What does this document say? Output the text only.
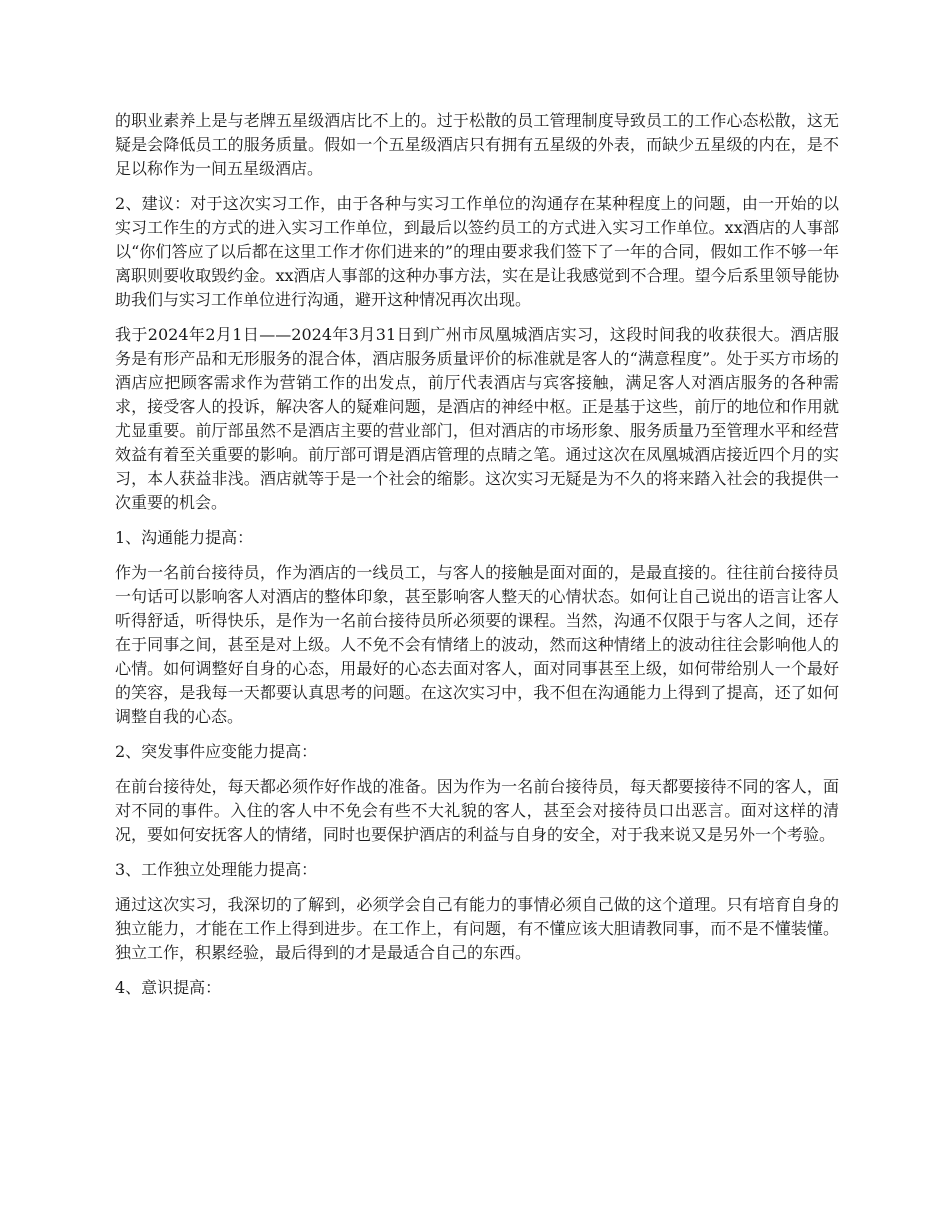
的职业素养上是与老牌五星级酒店比不上的。过于松散的员工管理制度导致员工的工作心态松散，这无疑是会降低员工的服务质量。假如一个五星级酒店只有拥有五星级的外表，而缺少五星级的内在，是不足以称作为一间五星级酒店。

2、建议：对于这次实习工作，由于各种与实习工作单位的沟通存在某种程度上的问题，由一开始的以实习工作生的方式的进入实习工作单位，到最后以签约员工的方式进入实习工作单位。xx酒店的人事部以“你们答应了以后都在这里工作才你们进来的”的理由要求我们签下了一年的合同，假如工作不够一年离职则要收取毁约金。xx酒店人事部的这种办事方法，实在是让我感觉到不合理。望今后系里领导能协助我们与实习工作单位进行沟通，避开这种情况再次出现。

我于2024年2月1日——2024年3月31日到广州市凤凰城酒店实习，这段时间我的收获很大。酒店服务是有形产品和无形服务的混合体，酒店服务质量评价的标准就是客人的“满意程度”。处于买方市场的酒店应把顾客需求作为营销工作的出发点，前厅代表酒店与宾客接触，满足客人对酒店服务的各种需求，接受客人的投诉，解决客人的疑难问题，是酒店的神经中枢。正是基于这些，前厅的地位和作用就尤显重要。前厅部虽然不是酒店主要的营业部门，但对酒店的市场形象、服务质量乃至管理水平和经营效益有着至关重要的影响。前厅部可谓是酒店管理的点睛之笔。通过这次在凤凰城酒店接近四个月的实习，本人获益非浅。酒店就等于是一个社会的缩影。这次实习无疑是为不久的将来踏入社会的我提供一次重要的机会。

1、沟通能力提高：

作为一名前台接待员，作为酒店的一线员工，与客人的接触是面对面的，是最直接的。往往前台接待员一句话可以影响客人对酒店的整体印象，甚至影响客人整天的心情状态。如何让自己说出的语言让客人听得舒适，听得快乐，是作为一名前台接待员所必须要的课程。当然，沟通不仅限于与客人之间，还存在于同事之间，甚至是对上级。人不免不会有情绪上的波动，然而这种情绪上的波动往往会影响他人的心情。如何调整好自身的心态，用最好的心态去面对客人，面对同事甚至上级，如何带给别人一个最好的笑容，是我每一天都要认真思考的问题。在这次实习中，我不但在沟通能力上得到了提高，还了如何调整自我的心态。

2、突发事件应变能力提高：

在前台接待处，每天都必须作好作战的准备。因为作为一名前台接待员，每天都要接待不同的客人，面对不同的事件。入住的客人中不免会有些不大礼貌的客人，甚至会对接待员口出恶言。面对这样的清况，要如何安抚客人的情绪，同时也要保护酒店的利益与自身的安全，对于我来说又是另外一个考验。

3、工作独立处理能力提高：

通过这次实习，我深切的了解到，必须学会自己有能力的事情必须自己做的这个道理。只有培育自身的独立能力，才能在工作上得到进步。在工作上，有问题，有不懂应该大胆请教同事，而不是不懂装懂。独立工作，积累经验，最后得到的才是最适合自己的东西。

4、意识提高：
